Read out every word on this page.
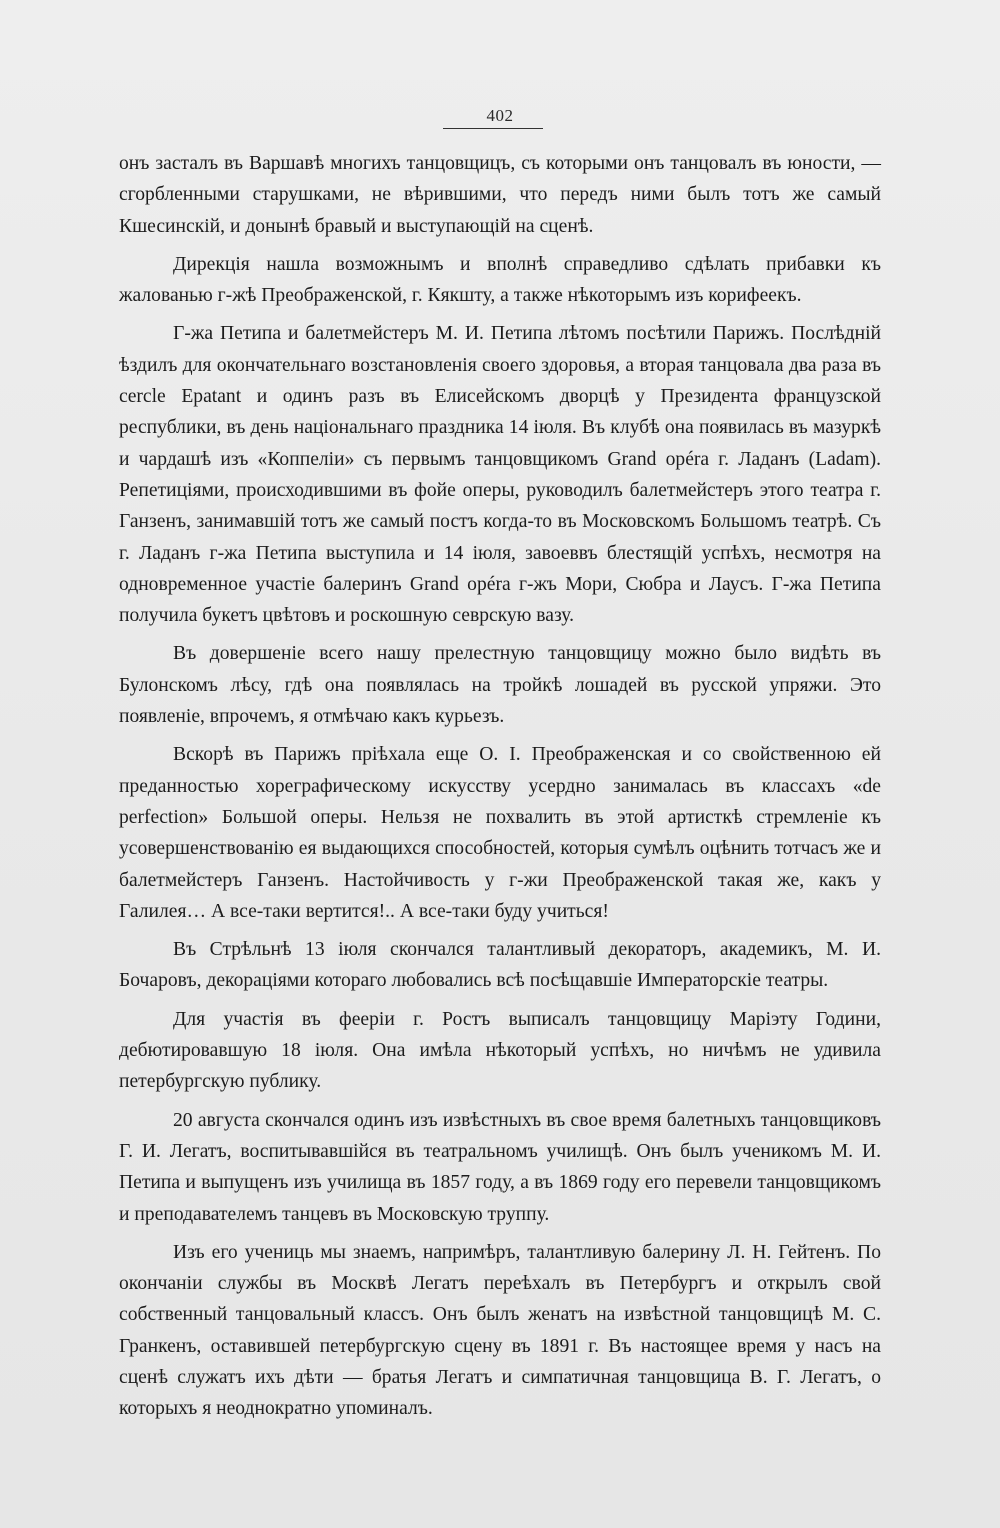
402

онъ засталъ въ Варшавѣ многихъ танцовщицъ, съ которыми онъ танцовалъ въ юности, — сгорбленными старушками, не вѣрившими, что передъ ними былъ тотъ же самый Кшесинскій, и донынѣ бравый и выступающій на сценѣ.

Дирекція нашла возможнымъ и вполнѣ справедливо сдѣлать прибавки къ жалованью г-жѣ Преображенской, г. Кякшту, а также нѣкоторымъ изъ корифеекъ.

Г-жа Петипа и балетмейстеръ М. И. Петипа лѣтомъ посѣтили Парижъ. Послѣдній ѣздилъ для окончательнаго возстановленія своего здоровья, а вторая танцовала два раза въ cercle Epatant и одинъ разъ въ Елисейскомъ дворцѣ у Президента французской республики, въ день національнаго праздника 14 іюля. Въ клубѣ она появилась въ мазуркѣ и чардашѣ изъ «Коппеліи» съ первымъ танцовщикомъ Grand opéra г. Ладанъ (Ladam). Репетиціями, происходившими въ фойе оперы, руководилъ балетмейстеръ этого театра г. Ганзенъ, занимавшій тотъ же самый постъ когда-то въ Московскомъ Большомъ театрѣ. Съ г. Ладанъ г-жа Петипа выступила и 14 іюля, завоеввъ блестящій успѣхъ, несмотря на одновременное участіе балеринъ Grand opéra г-жъ Мори, Сюбра и Лаусъ. Г-жа Петипа получила букетъ цвѣтовъ и роскошную севрскую вазу.

Въ довершеніе всего нашу прелестную танцовщицу можно было видѣть въ Булонскомъ лѣсу, гдѣ она появлялась на тройкѣ лошадей въ русской упряжи. Это появленіе, впрочемъ, я отмѣчаю какъ курьезъ.

Вскорѣ въ Парижъ пріѣхала еще О. І. Преображенская и со свойственною ей преданностью хореграфическому искусству усердно занималась въ классахъ «de perfection» Большой оперы. Нельзя не похвалить въ этой артисткѣ стремленіе къ усовершенствованію ея выдающихся способностей, которыя сумѣлъ оцѣнить тотчасъ же и балетмейстеръ Ганзенъ. Настойчивость у г-жи Преображенской такая же, какъ у Галилея… А все-таки вертится!.. А все-таки буду учиться!

Въ Стрѣльнѣ 13 іюля скончался талантливый декораторъ, академикъ, М. И. Бочаровъ, декораціями котораго любовались всѣ посѣщавшіе Императорскіе театры.

Для участія въ феерiи г. Ростъ выписалъ танцовщицу Маріэту Години, дебютировавшую 18 іюля. Она имѣла нѣкоторый успѣхъ, но ничѣмъ не удивила петербургскую публику.

20 августа скончался одинъ изъ извѣстныхъ въ свое время балетныхъ танцовщиковъ Г. И. Легатъ, воспитывавшійся въ театральномъ училищѣ. Онъ былъ ученикомъ М. И. Петипа и выпущенъ изъ училища въ 1857 году, а въ 1869 году его перевели танцовщикомъ и преподавателемъ танцевъ въ Московскую труппу.

Изъ его учениць мы знаемъ, напримѣръ, талантливую балерину Л. Н. Гейтенъ. По окончаніи службы въ Москвѣ Легатъ переѣхалъ въ Петербургъ и открылъ свой собственный танцовальный классъ. Онъ былъ женатъ на извѣстной танцовщицѣ М. С. Гранкенъ, оставившей петербургскую сцену въ 1891 г. Въ настоящее время у насъ на сценѣ служатъ ихъ дѣти — братья Легатъ и симпатичная танцовщица В. Г. Легатъ, о которыхъ я неоднократно упоминалъ.
